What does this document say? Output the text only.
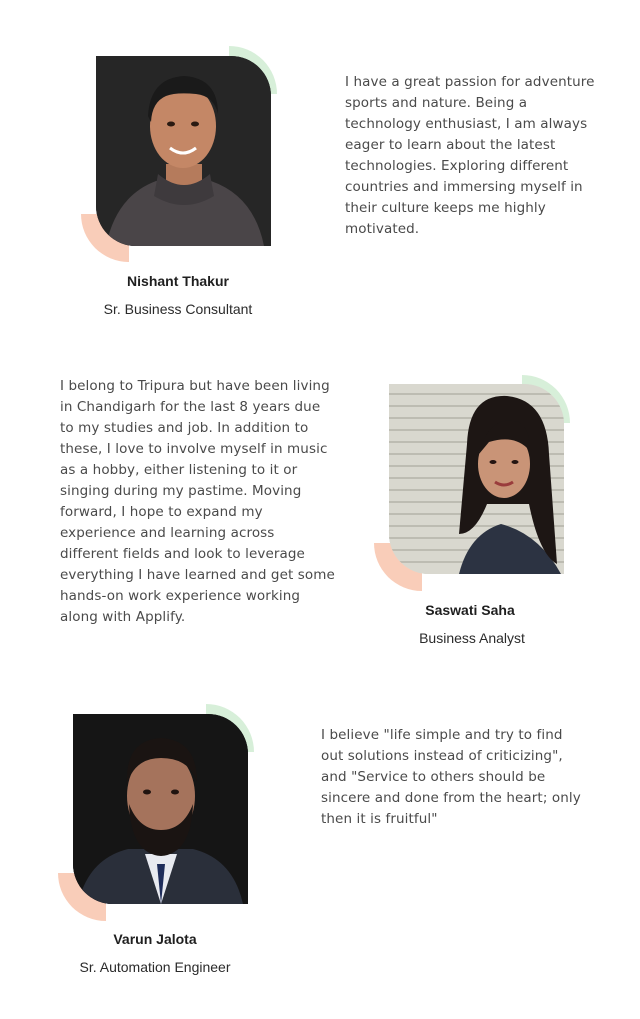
Nishant Thakur
Sr. Business Consultant

I have a great passion for adventure sports and nature. Being a technology enthusiast, I am always eager to learn about the latest technologies. Exploring different countries and immersing myself in their culture keeps me highly motivated.

I belong to Tripura but have been living in Chandigarh for the last 8 years due to my studies and job. In addition to these, I love to involve myself in music as a hobby, either listening to it or singing during my pastime. Moving forward, I hope to expand my experience and learning across different fields and look to leverage everything I have learned and get some hands-on work experience working along with Applify.	Saswati Saha
Business Analyst
Varun Jalota
Sr. Automation Engineer

I believe "life simple and try to find out solutions instead of criticizing", and "Service to others should be sincere and done from the heart; only then it is fruitful"
